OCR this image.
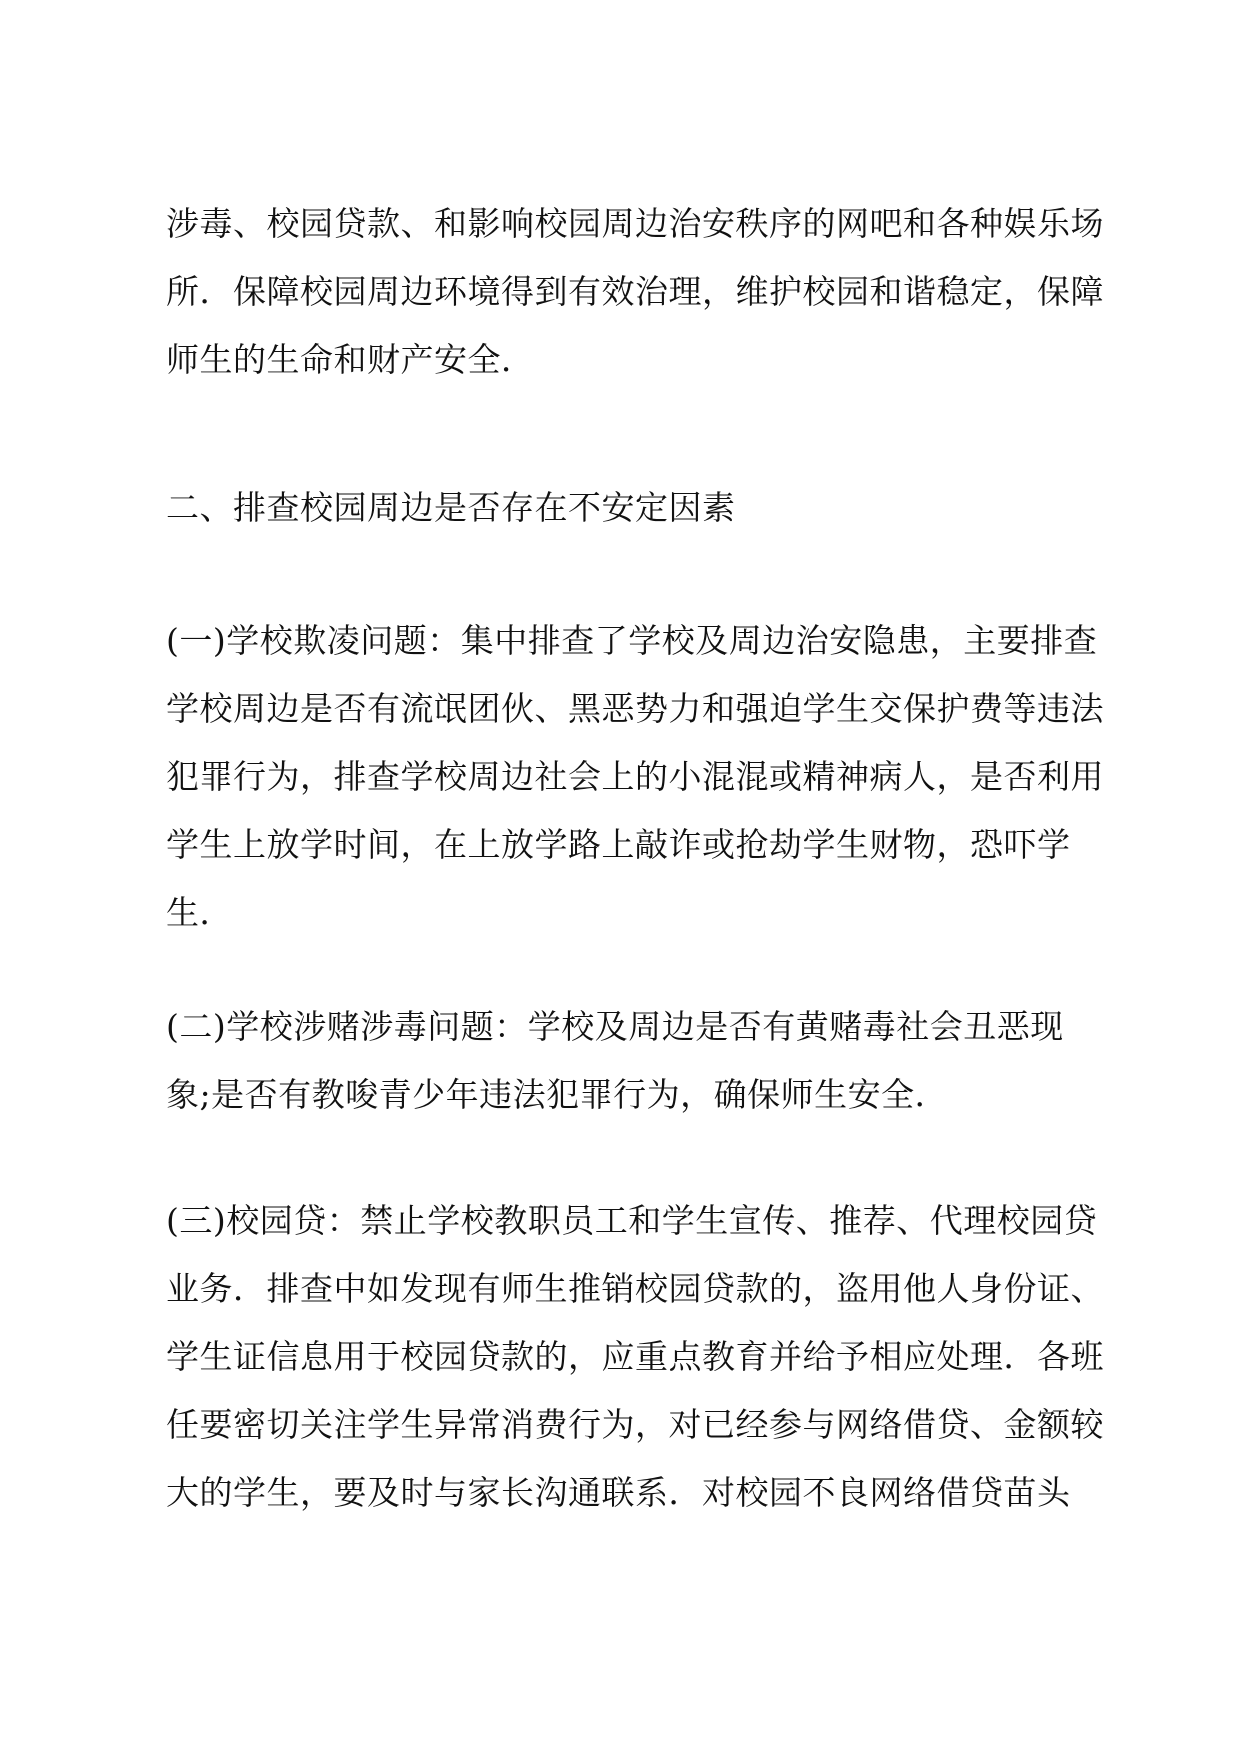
涉毒、校园贷款、和影响校园周边治安秩序的网吧和各种娱乐场
所．保障校园周边环境得到有效治理，维护校园和谐稳定，保障
师生的生命和财产安全．
二、排查校园周边是否存在不安定因素
(一)学校欺凌问题：集中排查了学校及周边治安隐患，主要排查
学校周边是否有流氓团伙、黑恶势力和强迫学生交保护费等违法
犯罪行为，排查学校周边社会上的小混混或精神病人，是否利用
学生上放学时间，在上放学路上敲诈或抢劫学生财物，恐吓学
生．
(二)学校涉赌涉毒问题：学校及周边是否有黄赌毒社会丑恶现
象;是否有教唆青少年违法犯罪行为，确保师生安全．
(三)校园贷：禁止学校教职员工和学生宣传、推荐、代理校园贷
业务．排查中如发现有师生推销校园贷款的，盗用他人身份证、
学生证信息用于校园贷款的，应重点教育并给予相应处理．各班
任要密切关注学生异常消费行为，对已经参与网络借贷、金额较
大的学生，要及时与家长沟通联系．对校园不良网络借贷苗头
